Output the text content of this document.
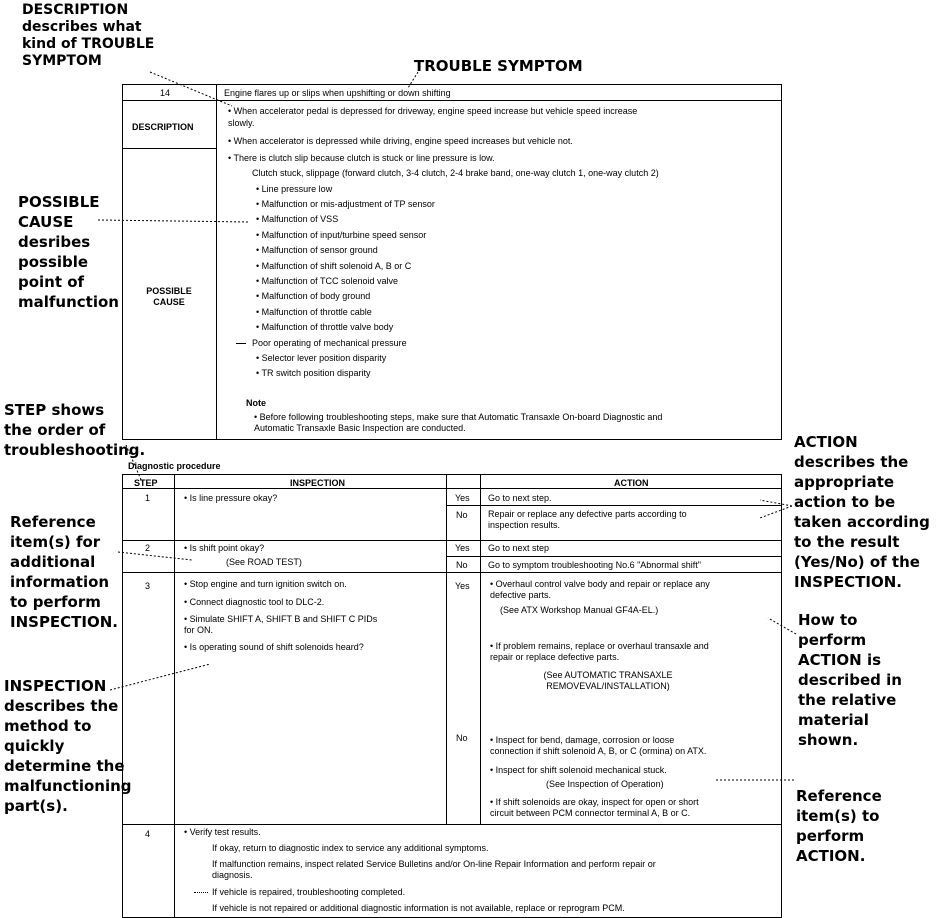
DESCRIPTION
describes what
kind of TROUBLE
SYMPTOM	TROUBLE SYMPTOM
POSSIBLE
CAUSE
desribes
possible
point of
malfunction
STEP shows
the order of
troubleshooting.
Reference
item(s) for
additional
information
to perform
INSPECTION.
INSPECTION
describes the
method to
quickly
determine the
malfunctioning
part(s).
ACTION
describes the
appropriate
action to be
taken according
to the result
(Yes/No) of the
INSPECTION.
How to
perform
ACTION is
described in
the relative
material
shown.
Reference
item(s) to
perform
ACTION.
14	Engine flares up or slips when upshifting or down shifting
DESCRIPTION
• When accelerator pedal is depressed for driveway, engine speed increase but vehicle speed increase
slowly.
• When accelerator is depressed while driving, engine speed increases but vehicle not.
• There is clutch slip because clutch is stuck or line pressure is low.
POSSIBLE CAUSE
Clutch stuck, slippage (forward clutch, 3-4 clutch, 2-4 brake band, one-way clutch 1, one-way clutch 2)
• Line pressure low
• Malfunction or mis-adjustment of TP sensor
• Malfunction of VSS
• Malfunction of input/turbine speed sensor
• Malfunction of sensor ground
• Malfunction of shift solenoid A, B or C
• Malfunction of TCC solenoid valve
• Malfunction of body ground
• Malfunction of throttle cable
• Malfunction of throttle valve body
Poor operating of mechanical pressure
• Selector lever position disparity
• TR switch position disparity
Note
• Before following troubleshooting steps, make sure that Automatic Transaxle On-board Diagnostic and
Automatic Transaxle Basic Inspection are conducted.
Diagnostic procedure
STEP	INSPECTION	ACTION
1	• Is line pressure okay?	Yes Go to next step.
No Repair or replace any defective parts according to
inspection results.
2	• Is shift point okay?
(See ROAD TEST)
Yes Go to next step
No Go to symptom troubleshooting No.6 "Abnormal shift"
3	• Stop engine and turn ignition switch on.
• Connect diagnostic tool to DLC-2.
• Simulate SHIFT A, SHIFT B and SHIFT C PIDs
for ON.
• Is operating sound of shift solenoids heard?
Yes • Overhaul control valve body and repair or replace any
defective parts.
(See ATX Workshop Manual GF4A-EL.)
• If problem remains, replace or overhaul transaxle and
repair or replace defective parts.
(See AUTOMATIC TRANSAXLE
REMOVEVAL/INSTALLATION)
No • Inspect for bend, damage, corrosion or loose
connection if shift solenoid A, B, or C (ormina) on ATX.
• Inspect for shift solenoid mechanical stuck.
(See Inspection of Operation)
• If shift solenoids are okay, inspect for open or short
circuit between PCM connector terminal A, B or C.
4	• Verify test results.
If okay, return to diagnostic index to service any additional symptoms.
If malfunction remains, inspect related Service Bulletins and/or On-line Repair Information and perform repair or
diagnosis.
If vehicle is repaired, troubleshooting completed.
If vehicle is not repaired or additional diagnostic information is not available, replace or reprogram PCM.
